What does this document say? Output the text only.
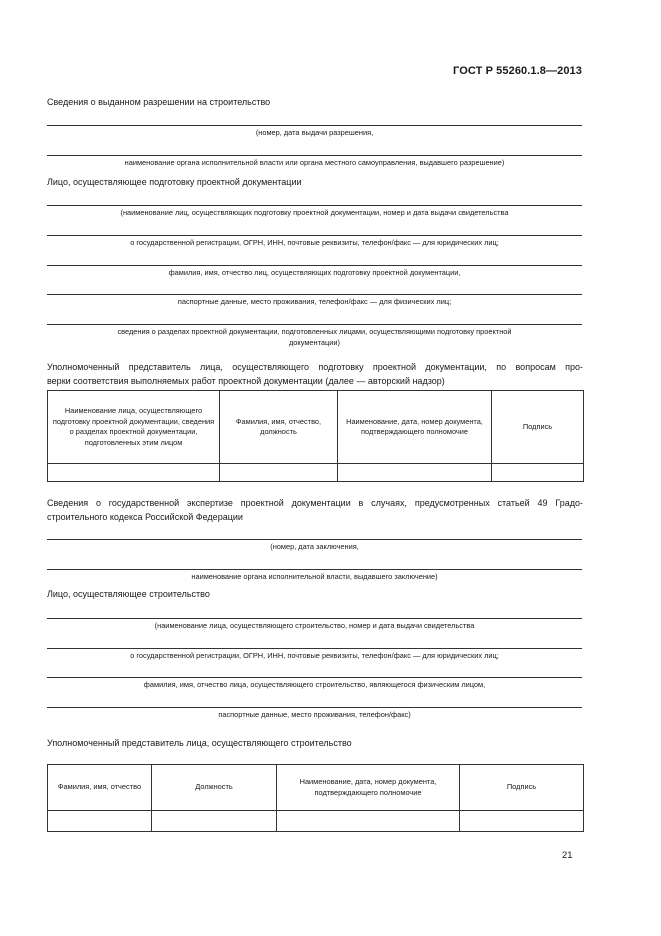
ГОСТ Р 55260.1.8—2013
Сведения о выданном разрешении на строительство
(номер, дата выдачи разрешения,
наименование органа исполнительной власти или органа местного самоуправления, выдавшего разрешение)
Лицо, осуществляющее подготовку проектной документации
(наименование лиц, осуществляющих подготовку проектной документации, номер и дата выдачи свидетельства
о государственной регистрации, ОГРН, ИНН, почтовые реквизиты, телефон/факс — для юридических лиц;
фамилия, имя, отчество лиц, осуществляющих подготовку проектной документации,
паспортные данные, место проживания, телефон/факс — для физических лиц;
сведения о разделах проектной документации, подготовленных лицами, осуществляющими подготовку проектной
документации)
Уполномоченный представитель лица, осуществляющего подготовку проектной документации, по вопросам про-
верки соответствия выполняемых работ проектной документации (далее — авторский надзор)
Наименование лица, осуществляющего подготовку проектной документации, сведения о разделах проектной документации, подготовленных этим лицом	Фамилия, имя, отчество, должность	Наименование, дата, номер документа, подтверждающего полномочие	Подпись

Сведения о государственной экспертизе проектной документации в случаях, предусмотренных статьей 49 Градо-
строительного кодекса Российской Федерации
(номер, дата заключения,
наименование органа исполнительной власти, выдавшего заключение)
Лицо, осуществляющее строительство
(наименование лица, осуществляющего строительство, номер и дата выдачи свидетельства
о государственной регистрации, ОГРН, ИНН, почтовые реквизиты, телефон/факс — для юридических лиц;
фамилия, имя, отчество лица, осуществляющего строительство, являющегося физическим лицом,
паспортные данные, место проживания, телефон/факс)
Уполномоченный представитель лица, осуществляющего строительство
Фамилия, имя, отчество	Должность	Наименование, дата, номер документа, подтверждающего полномочие	Подпись

21
